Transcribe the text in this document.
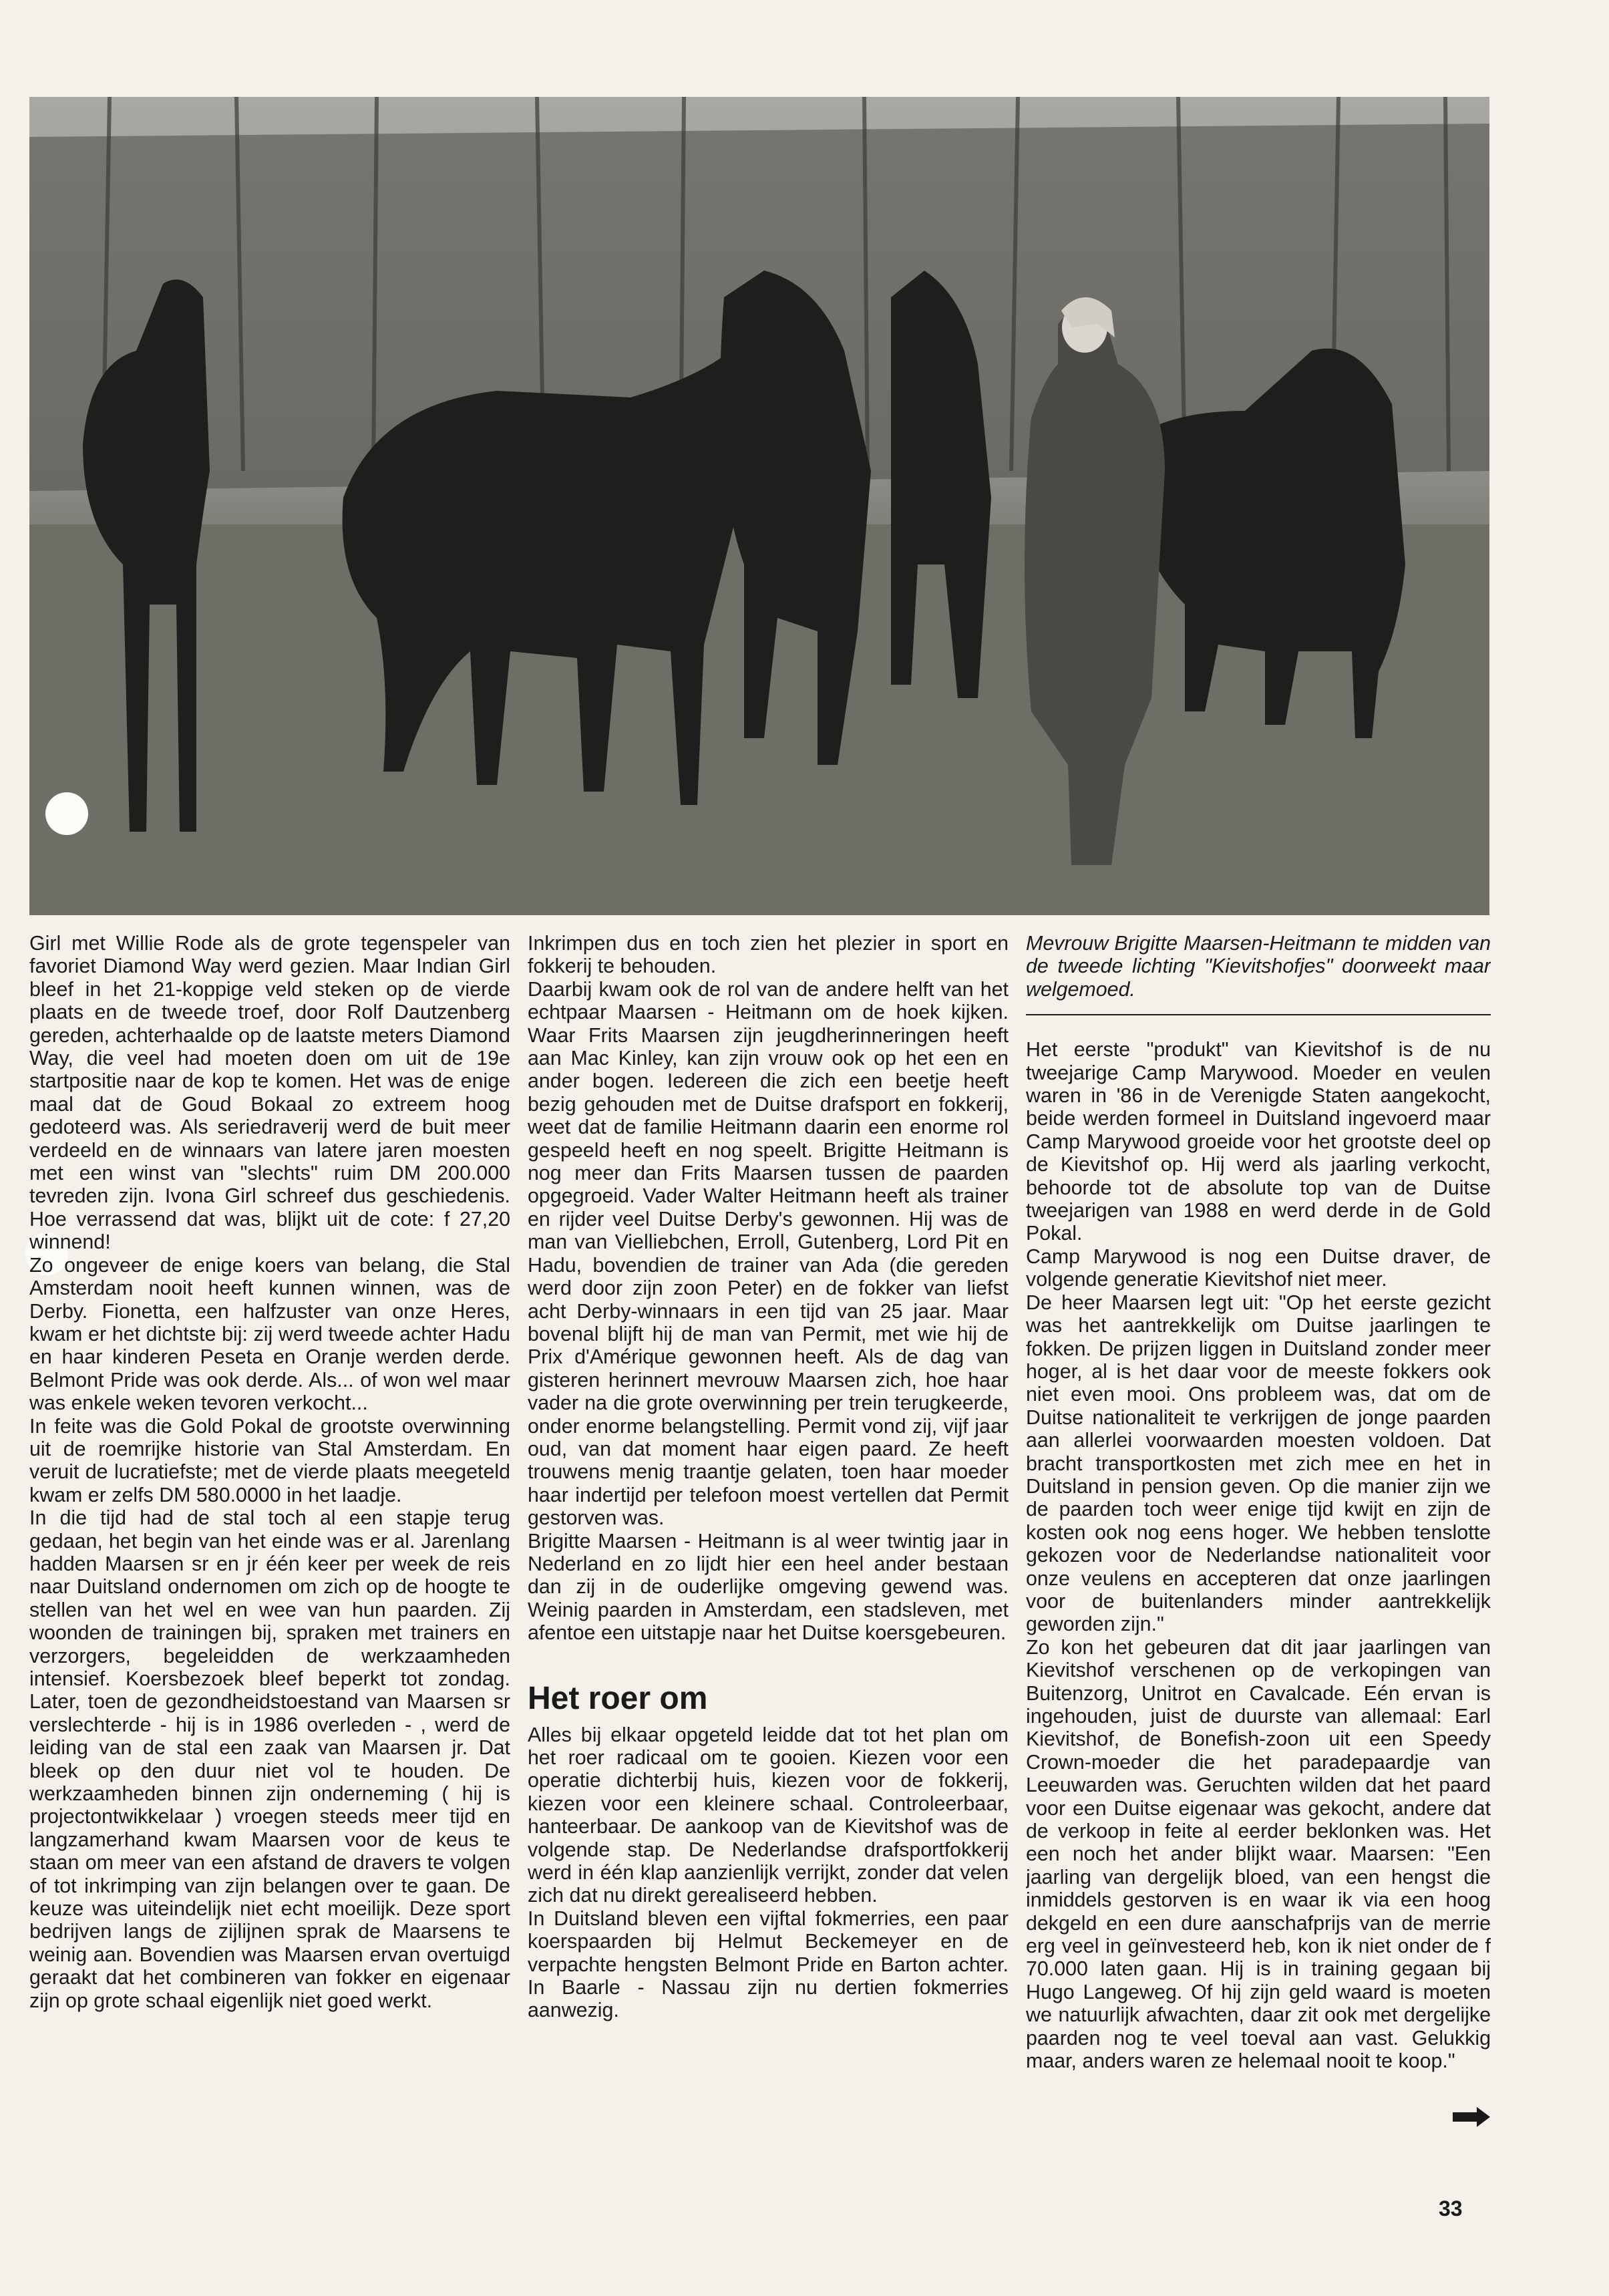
Girl met Willie Rode als de grote tegenspeler van favoriet Diamond Way werd gezien. Maar Indian Girl bleef in het 21-koppige veld steken op de vierde plaats en de tweede troef, door Rolf Dautzenberg gereden, achterhaalde op de laatste meters Diamond Way, die veel had moeten doen om uit de 19e startpositie naar de kop te komen. Het was de enige maal dat de Goud Bokaal zo extreem hoog gedoteerd was. Als seriedraverij werd de buit meer verdeeld en de winnaars van latere jaren moesten met een winst van "slechts" ruim DM 200.000 tevreden zijn. Ivona Girl schreef dus geschiedenis. Hoe verrassend dat was, blijkt uit de cote: f 27,20 winnend!

Zo ongeveer de enige koers van belang, die Stal Amsterdam nooit heeft kunnen winnen, was de Derby. Fionetta, een halfzuster van onze Heres, kwam er het dichtste bij: zij werd tweede achter Hadu en haar kinderen Peseta en Oranje werden derde. Belmont Pride was ook derde. Als... of won wel maar was enkele weken tevoren verkocht...

In feite was die Gold Pokal de grootste overwinning uit de roemrijke historie van Stal Amsterdam. En veruit de lucratiefste; met de vierde plaats meegeteld kwam er zelfs DM 580.0000 in het laadje.

In die tijd had de stal toch al een stapje terug gedaan, het begin van het einde was er al. Jarenlang hadden Maarsen sr en jr één keer per week de reis naar Duitsland ondernomen om zich op de hoogte te stellen van het wel en wee van hun paarden. Zij woonden de trainingen bij, spraken met trainers en verzorgers, begeleidden de werkzaamheden intensief. Koersbezoek bleef beperkt tot zondag. Later, toen de gezondheidstoestand van Maarsen sr verslechterde - hij is in 1986 overleden - , werd de leiding van de stal een zaak van Maarsen jr. Dat bleek op den duur niet vol te houden. De werkzaamheden binnen zijn onderneming ( hij is projectontwikkelaar ) vroegen steeds meer tijd en langzamerhand kwam Maarsen voor de keus te staan om meer van een afstand de dravers te volgen of tot inkrimping van zijn belangen over te gaan. De keuze was uiteindelijk niet echt moeilijk. Deze sport bedrijven langs de zijlijnen sprak de Maarsens te weinig aan. Bovendien was Maarsen ervan overtuigd geraakt dat het combineren van fokker en eigenaar zijn op grote schaal eigenlijk niet goed werkt.

Inkrimpen dus en toch zien het plezier in sport en fokkerij te behouden.

Daarbij kwam ook de rol van de andere helft van het echtpaar Maarsen - Heitmann om de hoek kijken. Waar Frits Maarsen zijn jeugdherinneringen heeft aan Mac Kinley, kan zijn vrouw ook op het een en ander bogen. Iedereen die zich een beetje heeft bezig gehouden met de Duitse drafsport en fokkerij, weet dat de familie Heitmann daarin een enorme rol gespeeld heeft en nog speelt. Brigitte Heitmann is nog meer dan Frits Maarsen tussen de paarden opgegroeid. Vader Walter Heitmann heeft als trainer en rijder veel Duitse Derby's gewonnen. Hij was de man van Vielliebchen, Erroll, Gutenberg, Lord Pit en Hadu, bovendien de trainer van Ada (die gereden werd door zijn zoon Peter) en de fokker van liefst acht Derby-winnaars in een tijd van 25 jaar. Maar bovenal blijft hij de man van Permit, met wie hij de Prix d'Amérique gewonnen heeft. Als de dag van gisteren herinnert mevrouw Maarsen zich, hoe haar vader na die grote overwinning per trein terugkeerde, onder enorme belangstelling. Permit vond zij, vijf jaar oud, van dat moment haar eigen paard. Ze heeft trouwens menig traantje gelaten, toen haar moeder haar indertijd per telefoon moest vertellen dat Permit gestorven was.

Brigitte Maarsen - Heitmann is al weer twintig jaar in Nederland en zo lijdt hier een heel ander bestaan dan zij in de ouderlijke omgeving gewend was. Weinig paarden in Amsterdam, een stadsleven, met afentoe een uitstapje naar het Duitse koersgebeuren.

Het roer om

Alles bij elkaar opgeteld leidde dat tot het plan om het roer radicaal om te gooien. Kiezen voor een operatie dichterbij huis, kiezen voor de fokkerij, kiezen voor een kleinere schaal. Controleerbaar, hanteerbaar. De aankoop van de Kievitshof was de volgende stap. De Nederlandse drafsportfokkerij werd in één klap aanzienlijk verrijkt, zonder dat velen zich dat nu direkt gerealiseerd hebben.

In Duitsland bleven een vijftal fokmerries, een paar koerspaarden bij Helmut Beckemeyer en de verpachte hengsten Belmont Pride en Barton achter. In Baarle - Nassau zijn nu dertien fokmerries aanwezig.

Mevrouw Brigitte Maarsen-Heitmann te midden van de tweede lichting "Kievitshofjes" doorweekt maar welgemoed.

Het eerste "produkt" van Kievitshof is de nu tweejarige Camp Marywood. Moeder en veulen waren in '86 in de Verenigde Staten aangekocht, beide werden formeel in Duitsland ingevoerd maar Camp Marywood groeide voor het grootste deel op de Kievitshof op. Hij werd als jaarling verkocht, behoorde tot de absolute top van de Duitse tweejarigen van 1988 en werd derde in de Gold Pokal.

Camp Marywood is nog een Duitse draver, de volgende generatie Kievitshof niet meer.

De heer Maarsen legt uit: "Op het eerste gezicht was het aantrekkelijk om Duitse jaarlingen te fokken. De prijzen liggen in Duitsland zonder meer hoger, al is het daar voor de meeste fokkers ook niet even mooi. Ons probleem was, dat om de Duitse nationaliteit te verkrijgen de jonge paarden aan allerlei voorwaarden moesten voldoen. Dat bracht transportkosten met zich mee en het in Duitsland in pension geven. Op die manier zijn we de paarden toch weer enige tijd kwijt en zijn de kosten ook nog eens hoger. We hebben tenslotte gekozen voor de Nederlandse nationaliteit voor onze veulens en accepteren dat onze jaarlingen voor de buitenlanders minder aantrekkelijk geworden zijn."

Zo kon het gebeuren dat dit jaar jaarlingen van Kievitshof verschenen op de verkopingen van Buitenzorg, Unitrot en Cavalcade. Eén ervan is ingehouden, juist de duurste van allemaal: Earl Kievitshof, de Bonefish-zoon uit een Speedy Crown-moeder die het paradepaardje van Leeuwarden was. Geruchten wilden dat het paard voor een Duitse eigenaar was gekocht, andere dat de verkoop in feite al eerder beklonken was. Het een noch het ander blijkt waar. Maarsen: "Een jaarling van dergelijk bloed, van een hengst die inmiddels gestorven is en waar ik via een hoog dekgeld en een dure aanschafprijs van de merrie erg veel in geïnvesteerd heb, kon ik niet onder de f 70.000 laten gaan. Hij is in training gegaan bij Hugo Langeweg. Of hij zijn geld waard is moeten we natuurlijk afwachten, daar zit ook met dergelijke paarden nog te veel toeval aan vast. Gelukkig maar, anders waren ze helemaal nooit te koop."

33
